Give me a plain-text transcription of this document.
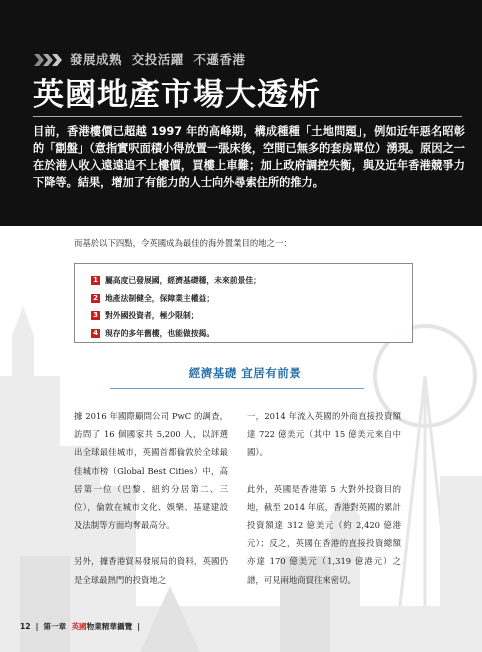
發展成熟  交投活躍  不遜香港
英國地產市場大透析
目前，香港樓價已超越 1997 年的高峰期，構成種種「土地問題」，例如近年惡名昭彰的「劏盤」（意指實呎面積小得放置一張床後，空間已無多的套房單位）湧現。原因之一在於港人收入遠遠追不上樓價，買樓上車難；加上政府調控失衡，與及近年香港競爭力下降等。結果，增加了有能力的人士向外尋索住所的推力。
而基於以下四點，令英國成為最佳的海外置業目的地之一：
1 屬高度已發展國，經濟基礎穩，未來前景佳；
2 地產法制健全，保障業主權益；
3 對外國投資者，極少限制；
4 現存的多年舊樓，也能做按揭。
經濟基礎 宜居有前景

據 2016 年國際顧問公司 PwC 的調查，訪問了 16 個國家共 5,200 人，以評選出全球最佳城市，英國首都倫敦於全球最佳城市榜（Global Best Cities）中，高居第一位（巴黎、紐約分居第二、三位），倫敦在城市文化、娛樂、基建建設及法制等方面均奪最高分。

另外，據香港貿易發展局的資料，英國仍是全球最熱門的投資地之

一，2014 年流入英國的外商直接投資額達 722 億美元（其中 15 億美元來自中國）。

此外，英國是香港第 5 大對外投資目的地，截至 2014 年底，香港對英國的累計投資額達 312 億美元（約 2,420 億港元）；反之，英國在香港的直接投資總額亦達 170 億美元（1,319 億港元）之譜，可見兩地商貿往來密切。

12 | 第一章
英國 物業精華攝覽 |
